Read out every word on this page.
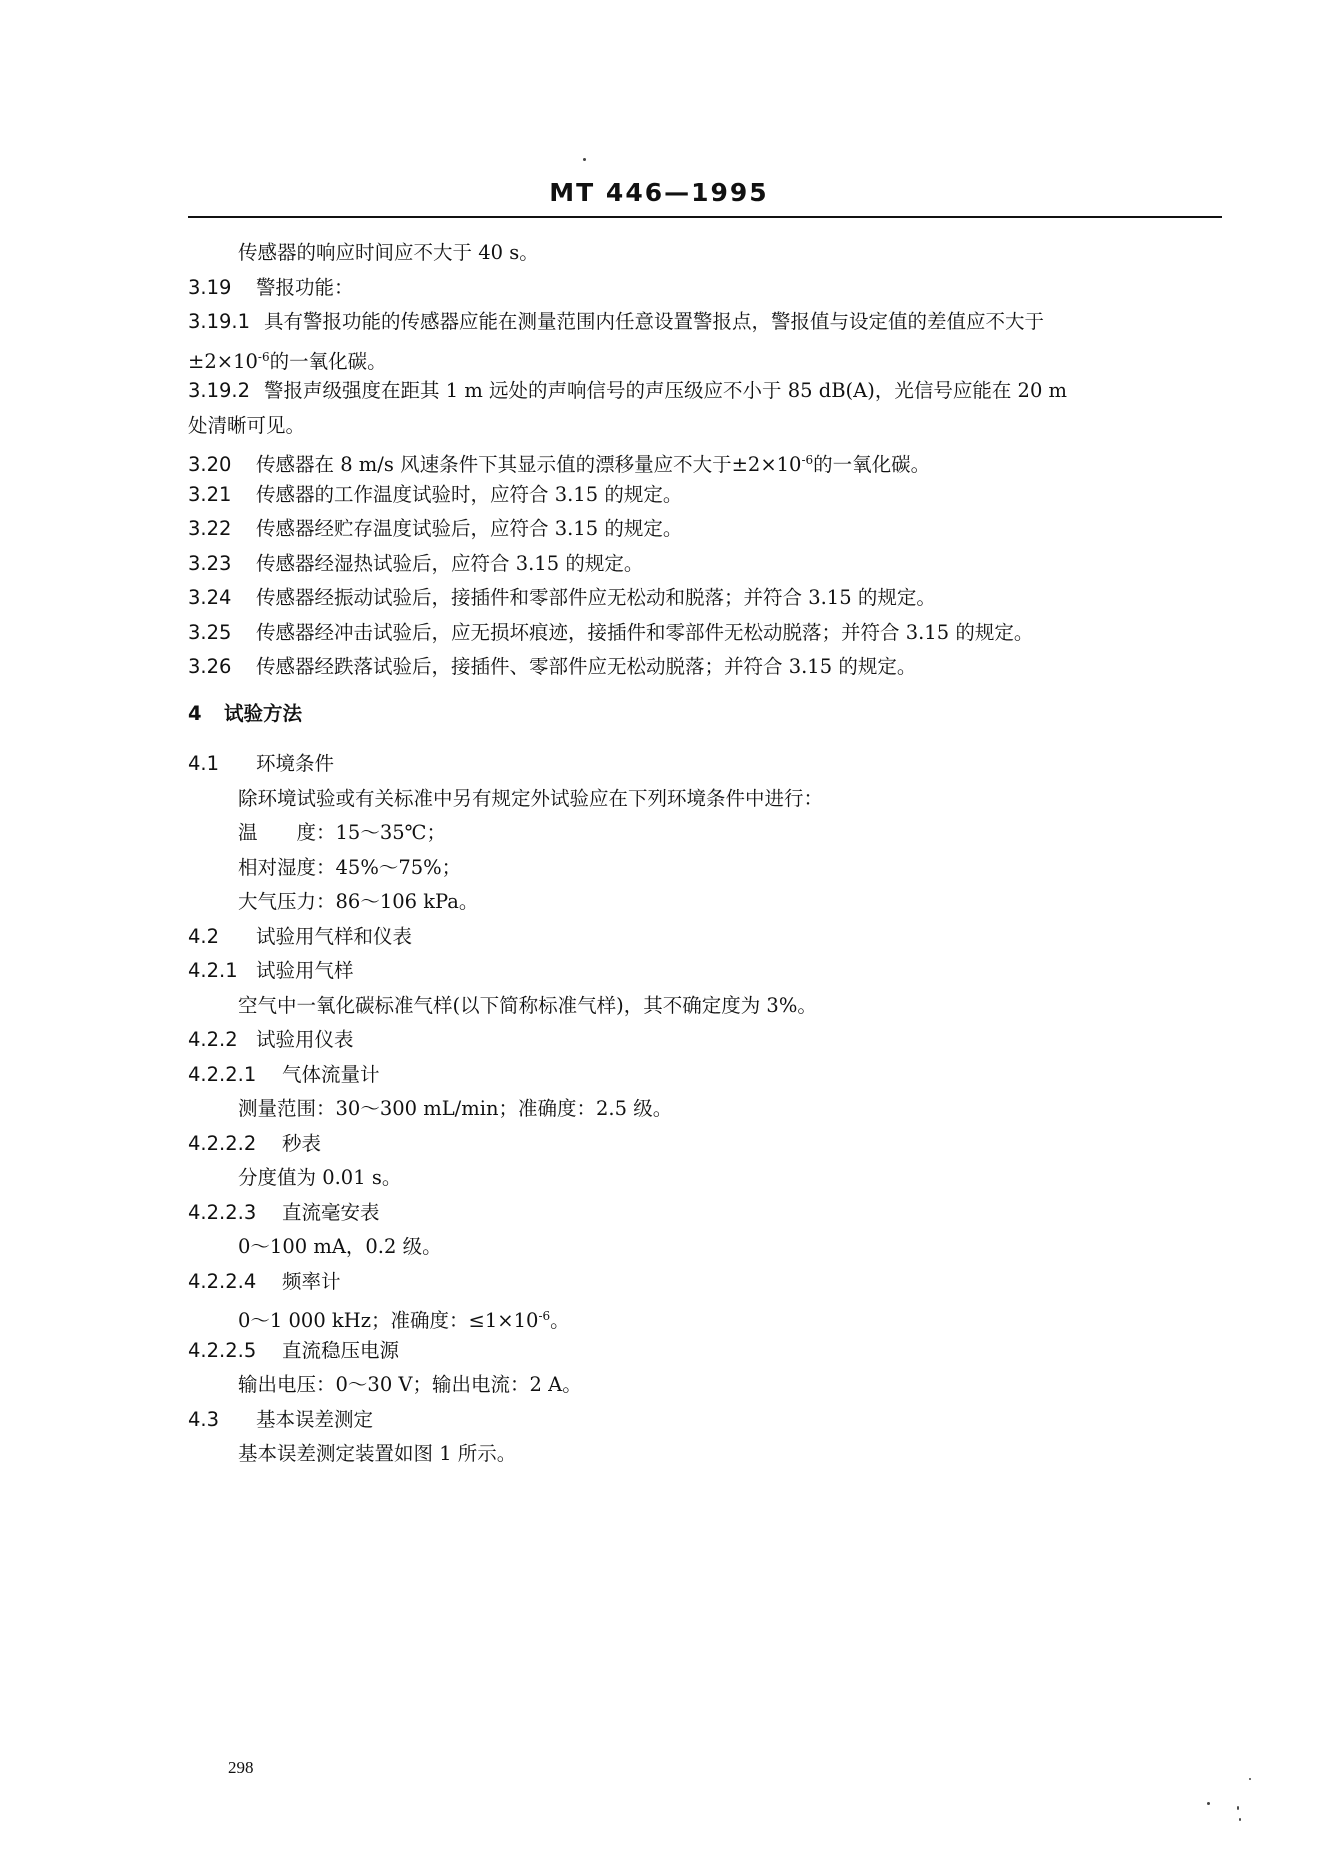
MT 446—1995
传感器的响应时间应不大于 40 s。
3.19 警报功能：
3.19.1 具有警报功能的传感器应能在测量范围内任意设置警报点，警报值与设定值的差值应不大于
$\pm 2\times 10^{-6}$的一氧化碳。
3.19.2 警报声级强度在距其 1 m 远处的声响信号的声压级应不小于 85 dB(A)，光信号应能在 20 m
处清晰可见。
3.20 传感器在 8 m/s 风速条件下其显示值的漂移量应不大于$\pm 2\times 10^{-6}$的一氧化碳。
3.21 传感器的工作温度试验时，应符合 3.15 的规定。
3.22 传感器经贮存温度试验后，应符合 3.15 的规定。
3.23 传感器经湿热试验后，应符合 3.15 的规定。
3.24 传感器经振动试验后，接插件和零部件应无松动和脱落；并符合 3.15 的规定。
3.25 传感器经冲击试验后，应无损坏痕迹，接插件和零部件无松动脱落；并符合 3.15 的规定。
3.26 传感器经跌落试验后，接插件、零部件应无松动脱落；并符合 3.15 的规定。
4 试验方法
4.1 环境条件
除环境试验或有关标准中另有规定外试验应在下列环境条件中进行：
温　　度：15～35℃；
相对湿度：45%～75%；
大气压力：86～106 kPa。
4.2 试验用气样和仪表
4.2.1 试验用气样
空气中一氧化碳标准气样(以下简称标准气样)，其不确定度为 3%。
4.2.2 试验用仪表
4.2.2.1 气体流量计
测量范围：30～300 mL/min；准确度：2.5 级。
4.2.2.2 秒表
分度值为 0.01 s。
4.2.2.3 直流毫安表
0～100 mA，0.2 级。
4.2.2.4 频率计
0～1 000 kHz；准确度：$\le 1\times 10^{-6}$。
4.2.2.5 直流稳压电源
输出电压：0～30 V；输出电流：2 A。
4.3 基本误差测定
基本误差测定装置如图 1 所示。
298
